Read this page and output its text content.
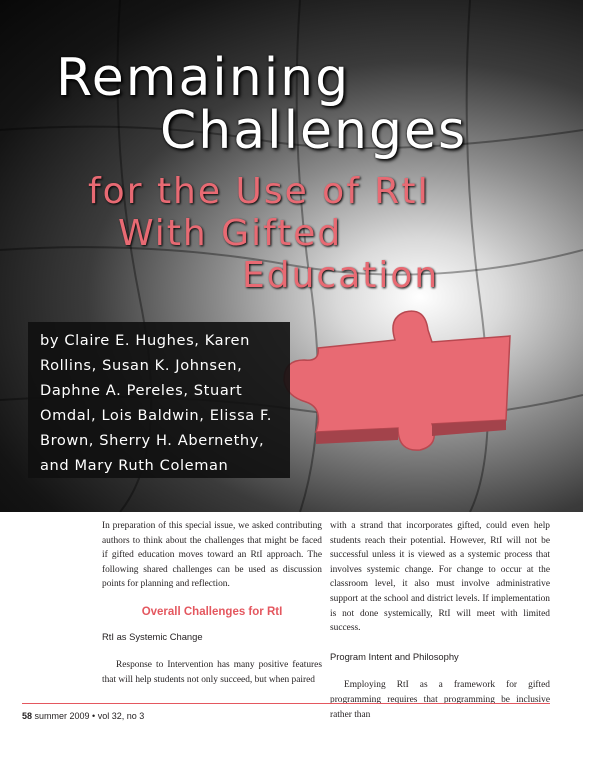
Remaining
Challenges
for the Use of RtI
With Gifted
Education
by Claire E. Hughes, Karen
Rollins, Susan K. Johnsen,
Daphne A. Pereles, Stuart
Omdal, Lois Baldwin, Elissa F.
Brown, Sherry H. Abernethy,
and Mary Ruth Coleman

In preparation of this special issue, we asked contributing authors to think about the challenges that might be faced if gifted education moves toward an RtI approach. The following shared challenges can be used as discussion points for planning and reflection.

Overall Challenges for RtI
RtI as Systemic Change

Response to Intervention has many positive features that will help students not only succeed, but when paired

with a strand that incorporates gifted, could even help students reach their potential. However, RtI will not be successful unless it is viewed as a systemic process that involves systemic change. For change to occur at the classroom level, it also must involve administrative support at the school and district levels. If implementation is not done systemically, RtI will meet with limited success.

Program Intent and Philosophy

Employing RtI as a framework for gifted programming requires that programming be inclusive rather than

58 summer 2009 • vol 32, no 3
